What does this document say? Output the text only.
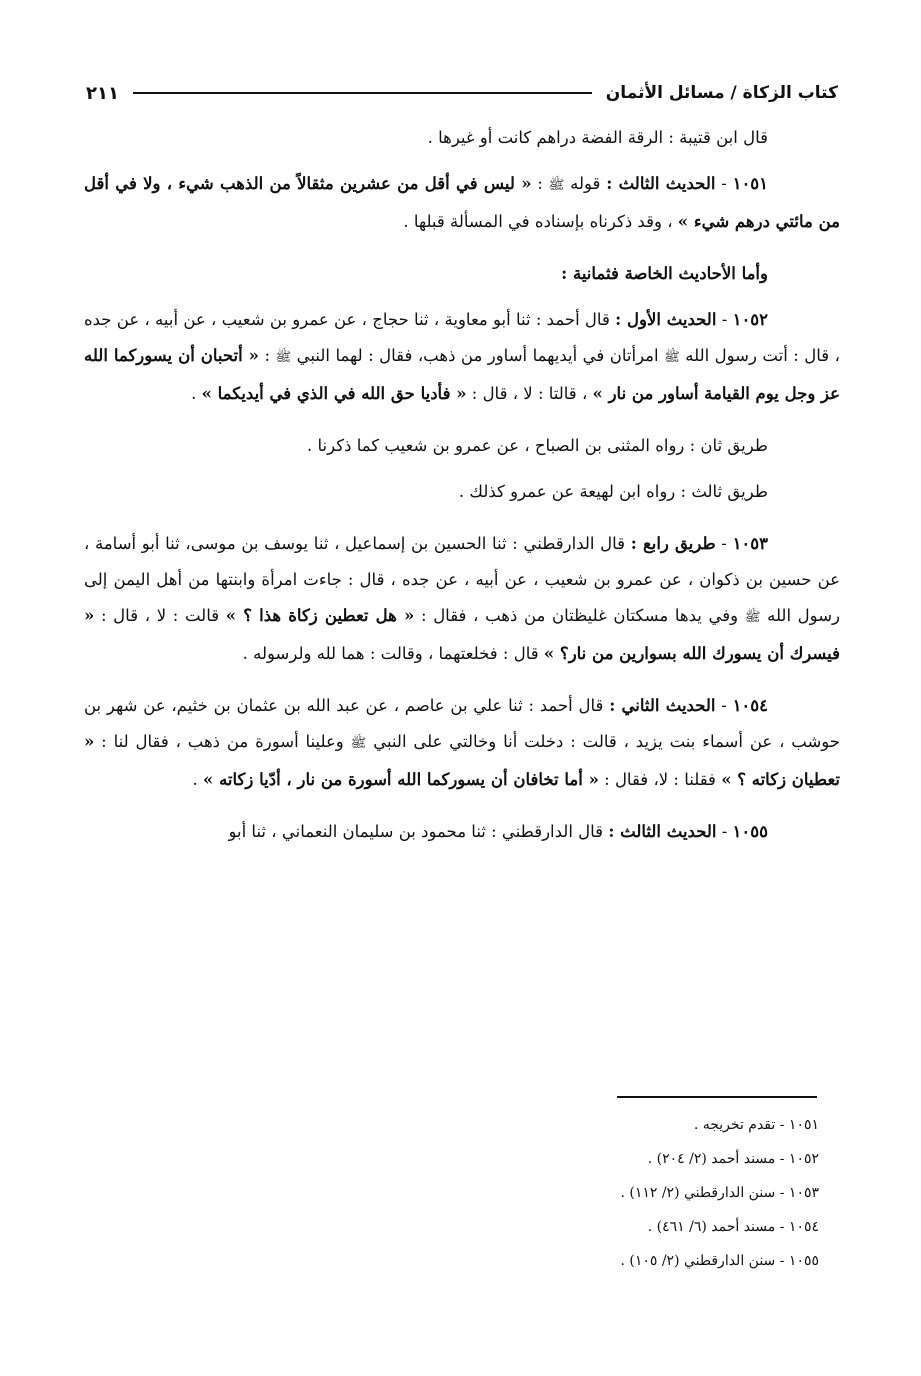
كتاب الزكاة / مسائل الأثمان
٢١١

قال ابن قتيبة : الرقة الفضة دراهم كانت أو غيرها .

١٠٥١ - الحديث الثالث : قوله ﷺ : « ليس في أقل من عشرين مثقالاً من الذهب شيء ، ولا في أقل من مائتي درهم شيء » ، وقد ذكرناه بإسناده في المسألة قبلها .

وأما الأحاديث الخاصة فثمانية :

١٠٥٢ - الحديث الأول : قال أحمد : ثنا أبو معاوية ، ثنا حجاج ، عن عمرو بن شعيب ، عن أبيه ، عن جده ، قال : أتت رسول الله ﷺ امرأتان في أيديهما أساور من ذهب، فقال : لهما النبي ﷺ : « أتحبان أن يسوركما الله عز وجل يوم القيامة أساور من نار » ، قالتا : لا ، قال : « فأديا حق الله في الذي في أيديكما » .

طريق ثان : رواه المثنى بن الصباح ، عن عمرو بن شعيب كما ذكرنا .

طريق ثالث : رواه ابن لهيعة عن عمرو كذلك .

١٠٥٣ - طريق رابع : قال الدارقطني : ثنا الحسين بن إسماعيل ، ثنا يوسف بن موسى، ثنا أبو أسامة ، عن حسين بن ذكوان ، عن عمرو بن شعيب ، عن أبيه ، عن جده ، قال : جاءت امرأة وابنتها من أهل اليمن إلى رسول الله ﷺ وفي يدها مسكتان غليظتان من ذهب ، فقال : « هل تعطين زكاة هذا ؟ » قالت : لا ، قال : « فيسرك أن يسورك الله بسوارين من نار؟ » قال : فخلعتهما ، وقالت : هما لله ولرسوله .

١٠٥٤ - الحديث الثاني : قال أحمد : ثنا علي بن عاصم ، عن عبد الله بن عثمان بن خثيم، عن شهر بن حوشب ، عن أسماء بنت يزيد ، قالت : دخلت أنا وخالتي على النبي ﷺ وعلينا أسورة من ذهب ، فقال لنا : « تعطيان زكاته ؟ » فقلنا : لا، فقال : « أما تخافان أن يسوركما الله أسورة من نار ، أدّيا زكاته » .

١٠٥٥ - الحديث الثالث : قال الدارقطني : ثنا محمود بن سليمان النعماني ، ثنا أبو

١٠٥١ - تقدم تخريجه .
١٠٥٢ - مسند أحمد (٢/ ٢٠٤) .
١٠٥٣ - سنن الدارقطني (٢/ ١١٢) .
١٠٥٤ - مسند أحمد (٦/ ٤٦١) .
١٠٥٥ - سنن الدارقطني (٢/ ١٠٥) .
